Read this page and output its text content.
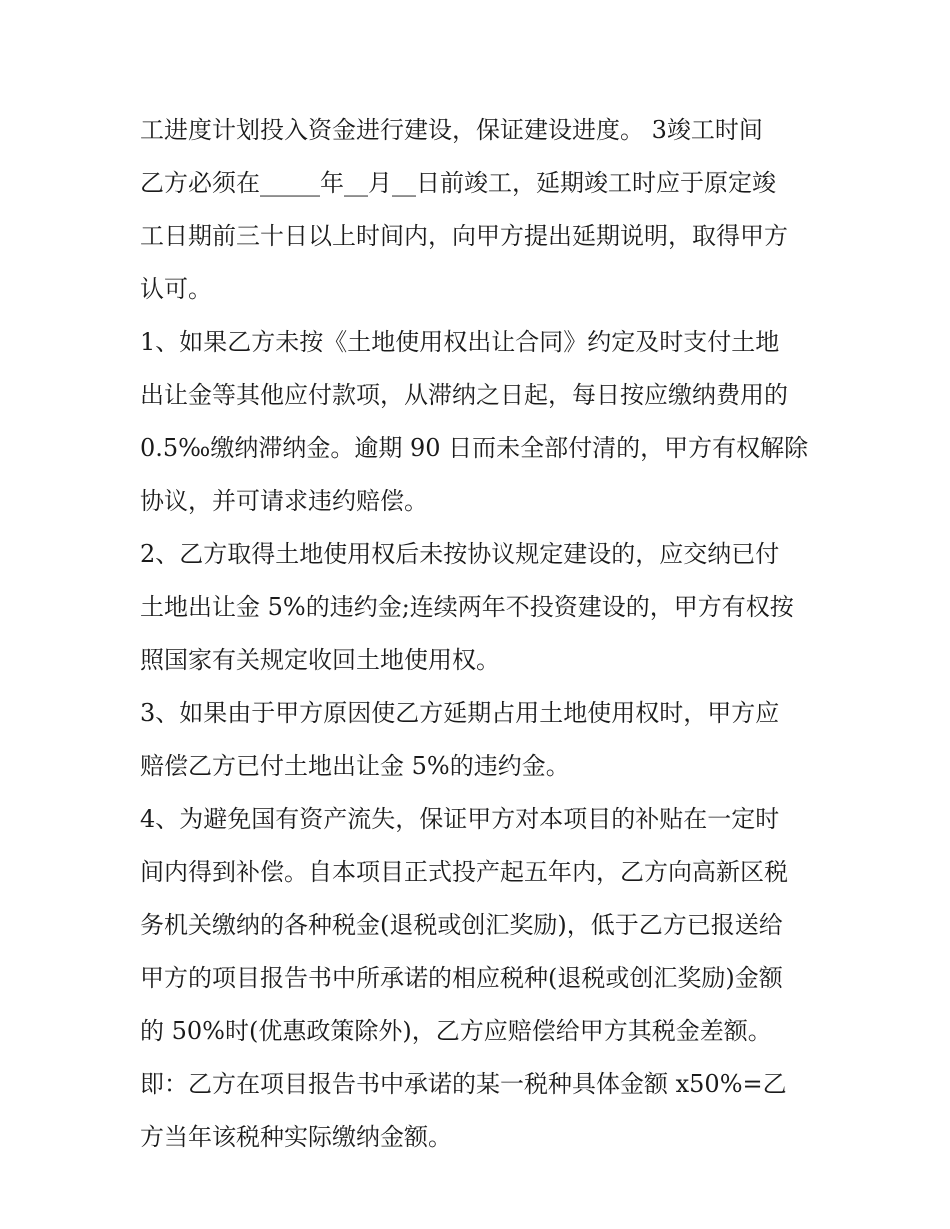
工进度计划投入资金进行建设，保证建设进度。 3竣工时间
乙方必须在_____年__月__日前竣工，延期竣工时应于原定竣
工日期前三十日以上时间内，向甲方提出延期说明，取得甲方
认可。
1、如果乙方未按《土地使用权出让合同》约定及时支付土地
出让金等其他应付款项，从滞纳之日起，每日按应缴纳费用的
0.5‰缴纳滞纳金。逾期 90 日而未全部付清的，甲方有权解除
协议，并可请求违约赔偿。
2、乙方取得土地使用权后未按协议规定建设的，应交纳已付
土地出让金 5%的违约金;连续两年不投资建设的，甲方有权按
照国家有关规定收回土地使用权。
3、如果由于甲方原因使乙方延期占用土地使用权时，甲方应
赔偿乙方已付土地出让金 5%的违约金。
4、为避免国有资产流失，保证甲方对本项目的补贴在一定时
间内得到补偿。自本项目正式投产起五年内，乙方向高新区税
务机关缴纳的各种税金(退税或创汇奖励)，低于乙方已报送给
甲方的项目报告书中所承诺的相应税种(退税或创汇奖励)金额
的 50%时(优惠政策除外)，乙方应赔偿给甲方其税金差额。
即：乙方在项目报告书中承诺的某一税种具体金额 x50%=乙
方当年该税种实际缴纳金额。
